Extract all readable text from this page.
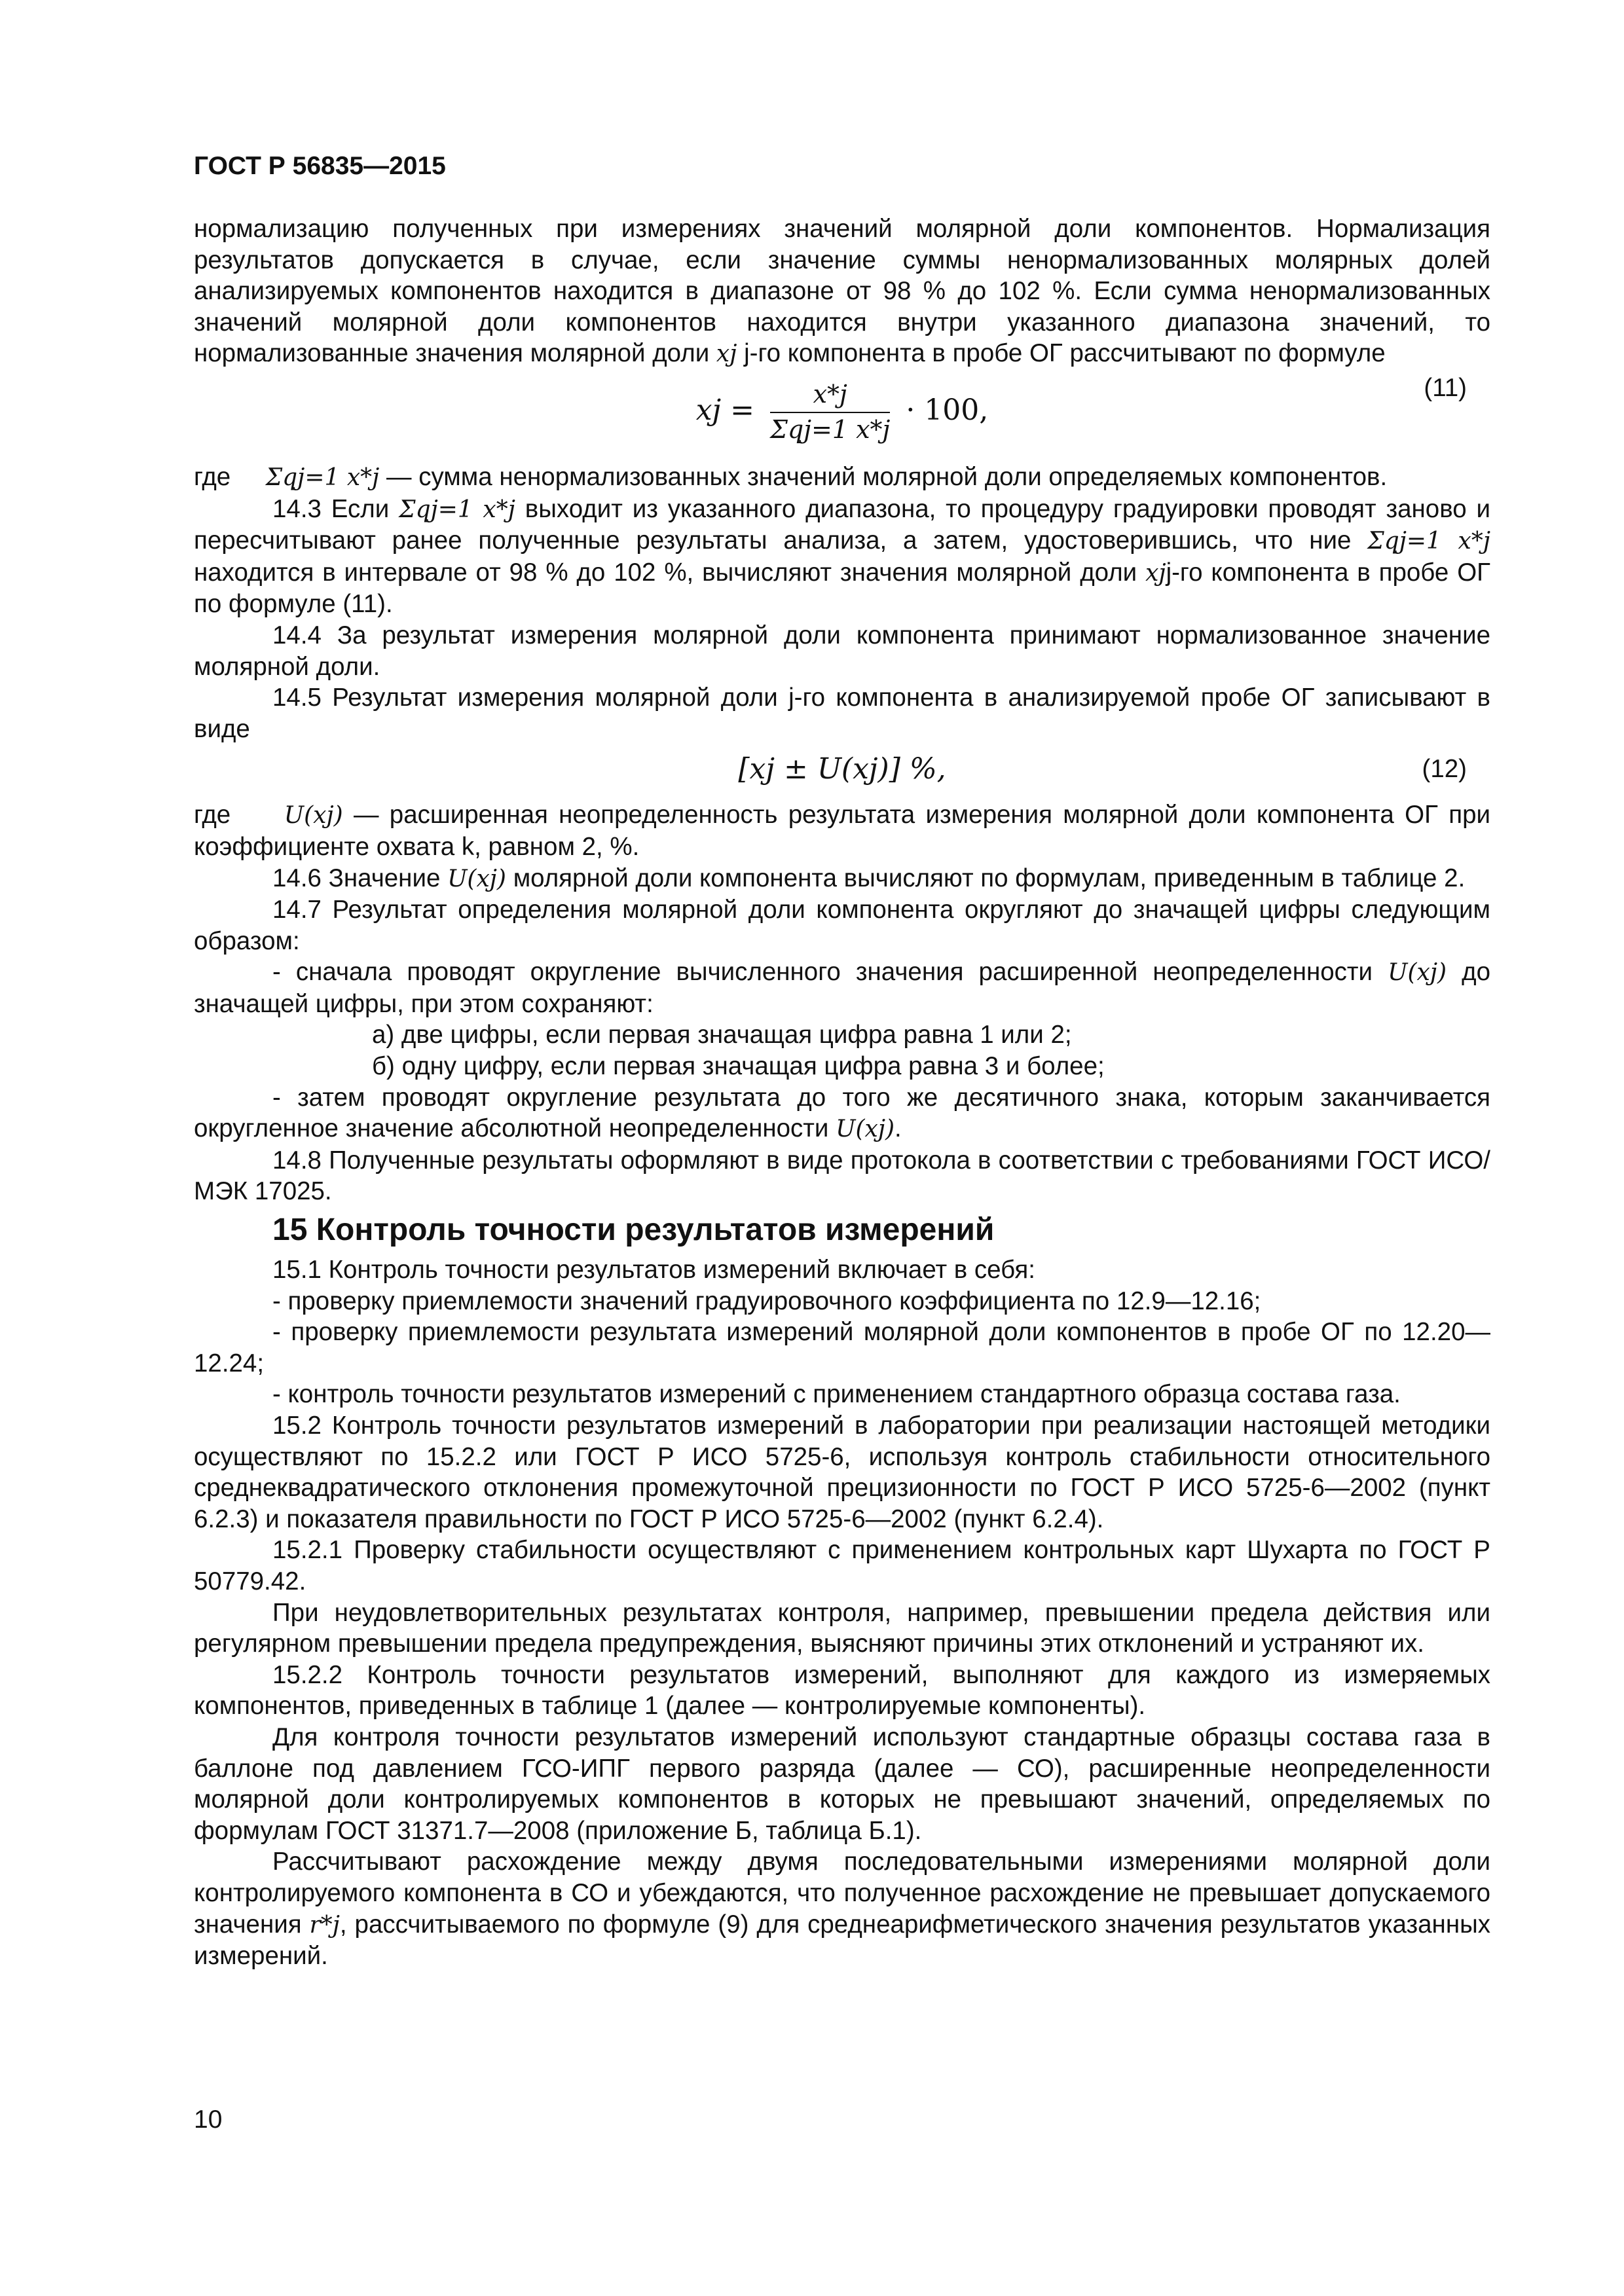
ГОСТ Р 56835—2015

нормализацию полученных при измерениях значений молярной доли компонентов. Нормализация результатов допускается в случае, если значение суммы ненормализованных молярных долей анализируемых компонентов находится в диапазоне от 98 % до 102 %. Если сумма ненормализованных значений молярной доли компонентов находится внутри указанного диапазона значений, то нормализованные значения молярной доли xj j-го компонента в пробе ОГ рассчитывают по формуле

xj = $\frac{x*j}{\text{Σqj=1 x*j}} \cdot 100$,
(11)

где Σqj=1 x*j — сумма ненормализованных значений молярной доли определяемых компонентов.

14.3 Если Σqj=1 x*j выходит из указанного диапазона, то процедуру градуировки проводят заново и пересчитывают ранее полученные результаты анализа, а затем, удостоверившись, что ние Σqj=1 x*j находится в интервале от 98 % до 102 %, вычисляют значения молярной доли xjj-го компонента в пробе ОГ по формуле (11).

14.4 За результат измерения молярной доли компонента принимают нормализованное значение молярной доли.

14.5 Результат измерения молярной доли j-го компонента в анализируемой пробе ОГ записывают в виде

[xj ± U(xj)] %,	(12)

где U(xj) — расширенная неопределенность результата измерения молярной доли компонента ОГ при коэффициенте охвата k, равном 2, %.

14.6 Значение U(xj) молярной доли компонента вычисляют по формулам, приведенным в таблице 2.

14.7 Результат определения молярной доли компонента округляют до значащей цифры следующим образом:

- сначала проводят округление вычисленного значения расширенной неопределенности U(xj) до значащей цифры, при этом сохраняют:

а) две цифры, если первая значащая цифра равна 1 или 2;

б) одну цифру, если первая значащая цифра равна 3 и более;

- затем проводят округление результата до того же десятичного знака, которым заканчивается округленное значение абсолютной неопределенности U(xj).

14.8 Полученные результаты оформляют в виде протокола в соответствии с требованиями ГОСТ ИСО/МЭК 17025.

15 Контроль точности результатов измерений

15.1 Контроль точности результатов измерений включает в себя:

- проверку приемлемости значений градуировочного коэффициента по 12.9—12.16;

- проверку приемлемости результата измерений молярной доли компонентов в пробе ОГ по 12.20—12.24;

- контроль точности результатов измерений с применением стандартного образца состава газа.

15.2 Контроль точности результатов измерений в лаборатории при реализации настоящей методики осуществляют по 15.2.2 или ГОСТ Р ИСО 5725-6, используя контроль стабильности относительного среднеквадратического отклонения промежуточной прецизионности по ГОСТ Р ИСО 5725-6—2002 (пункт 6.2.3) и показателя правильности по ГОСТ Р ИСО 5725-6—2002 (пункт 6.2.4).

15.2.1 Проверку стабильности осуществляют с применением контрольных карт Шухарта по ГОСТ Р 50779.42.

При неудовлетворительных результатах контроля, например, превышении предела действия или регулярном превышении предела предупреждения, выясняют причины этих отклонений и устраняют их.

15.2.2 Контроль точности результатов измерений, выполняют для каждого из измеряемых компонентов, приведенных в таблице 1 (далее — контролируемые компоненты).

Для контроля точности результатов измерений используют стандартные образцы состава газа в баллоне под давлением ГСО-ИПГ первого разряда (далее — СО), расширенные неопределенности молярной доли контролируемых компонентов в которых не превышают значений, определяемых по формулам ГОСТ 31371.7—2008 (приложение Б, таблица Б.1).

Рассчитывают расхождение между двумя последовательными измерениями молярной доли контролируемого компонента в СО и убеждаются, что полученное расхождение не превышает допускаемого значения r*j, рассчитываемого по формуле (9) для среднеарифметического значения результатов указанных измерений.

10
